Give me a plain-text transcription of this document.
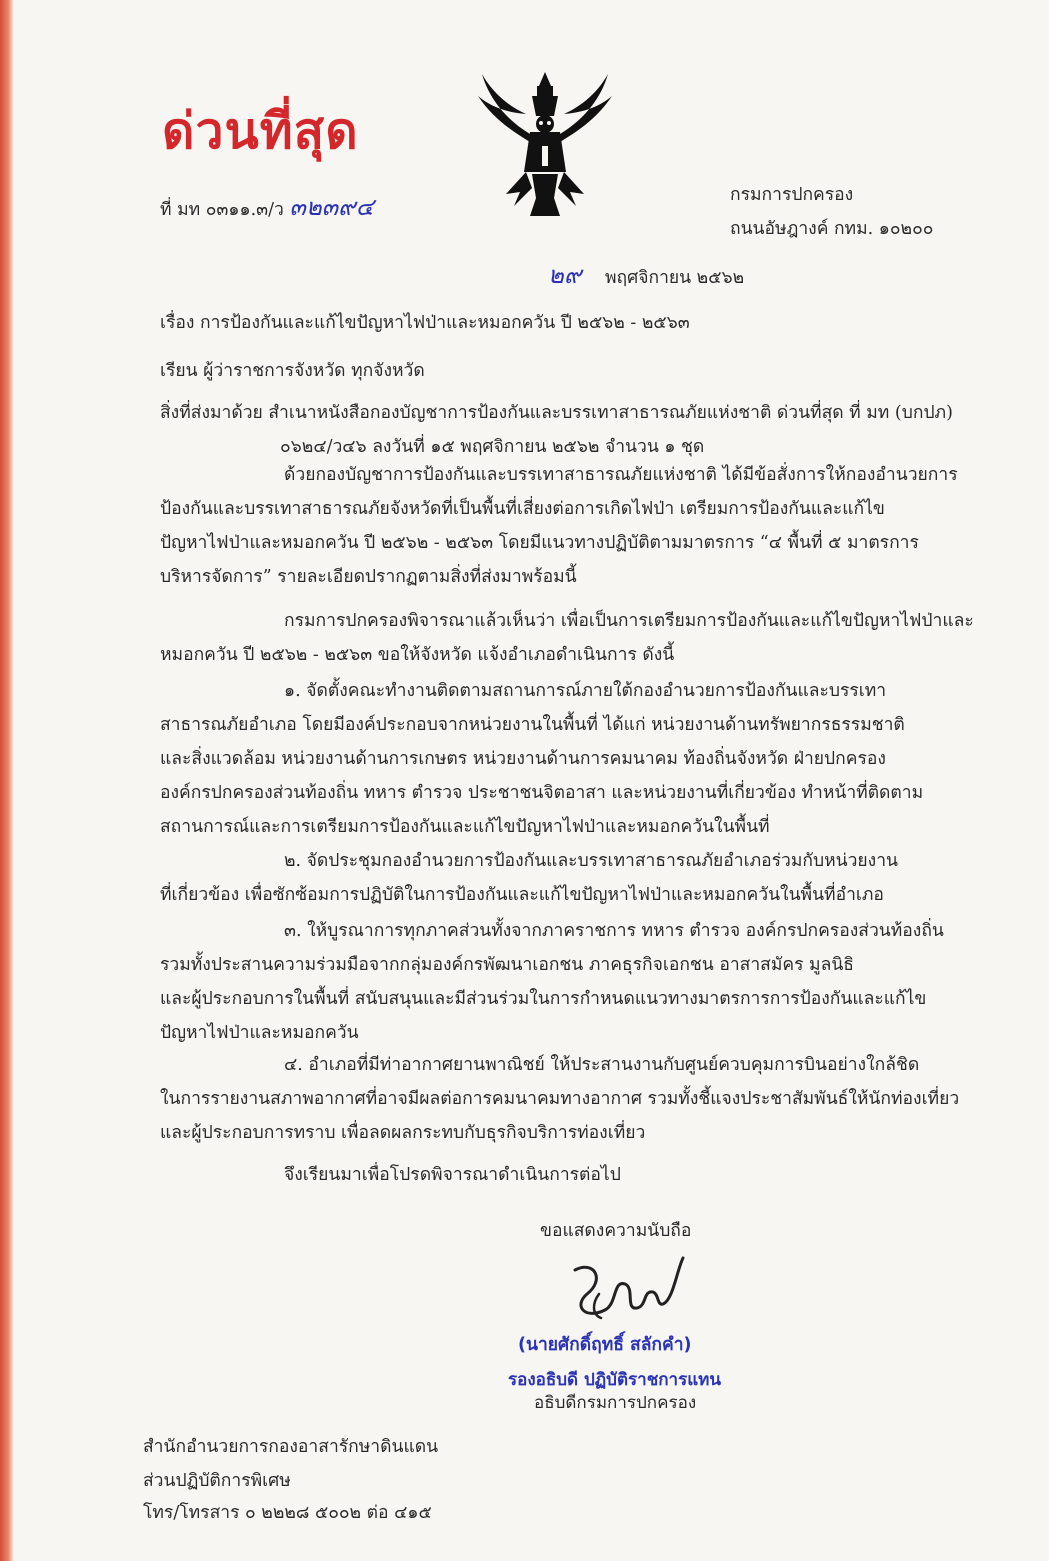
ด่วนที่สุด
ที่ มท ๐๓๑๑.๓/ว ๓๒๓๙๔	กรมการปกครอง
ถนนอัษฎางค์ กทม. ๑๐๒๐๐
๒๙ พฤศจิกายน ๒๕๖๒
เรื่อง การป้องกันและแก้ไขปัญหาไฟป่าและหมอกควัน ปี ๒๕๖๒ - ๒๕๖๓
เรียน ผู้ว่าราชการจังหวัด ทุกจังหวัด
สิ่งที่ส่งมาด้วย สำเนาหนังสือกองบัญชาการป้องกันและบรรเทาสาธารณภัยแห่งชาติ ด่วนที่สุด ที่ มท (บกปภ)
๐๖๒๔/ว๔๖ ลงวันที่ ๑๕ พฤศจิกายน ๒๕๖๒ จำนวน ๑ ชุด
ด้วยกองบัญชาการป้องกันและบรรเทาสาธารณภัยแห่งชาติ ได้มีข้อสั่งการให้กองอำนวยการ
ป้องกันและบรรเทาสาธารณภัยจังหวัดที่เป็นพื้นที่เสี่ยงต่อการเกิดไฟป่า เตรียมการป้องกันและแก้ไข
ปัญหาไฟป่าและหมอกควัน ปี ๒๕๖๒ - ๒๕๖๓ โดยมีแนวทางปฏิบัติตามมาตรการ “๔ พื้นที่ ๕ มาตรการ
บริหารจัดการ” รายละเอียดปรากฏตามสิ่งที่ส่งมาพร้อมนี้
กรมการปกครองพิจารณาแล้วเห็นว่า เพื่อเป็นการเตรียมการป้องกันและแก้ไขปัญหาไฟป่าและ
หมอกควัน ปี ๒๕๖๒ - ๒๕๖๓ ขอให้จังหวัด แจ้งอำเภอดำเนินการ ดังนี้
๑. จัดตั้งคณะทำงานติดตามสถานการณ์ภายใต้กองอำนวยการป้องกันและบรรเทา
สาธารณภัยอำเภอ โดยมีองค์ประกอบจากหน่วยงานในพื้นที่ ได้แก่ หน่วยงานด้านทรัพยากรธรรมชาติ
และสิ่งแวดล้อม หน่วยงานด้านการเกษตร หน่วยงานด้านการคมนาคม ท้องถิ่นจังหวัด ฝ่ายปกครอง
องค์กรปกครองส่วนท้องถิ่น ทหาร ตำรวจ ประชาชนจิตอาสา และหน่วยงานที่เกี่ยวข้อง ทำหน้าที่ติดตาม
สถานการณ์และการเตรียมการป้องกันและแก้ไขปัญหาไฟป่าและหมอกควันในพื้นที่
๒. จัดประชุมกองอำนวยการป้องกันและบรรเทาสาธารณภัยอำเภอร่วมกับหน่วยงาน
ที่เกี่ยวข้อง เพื่อซักซ้อมการปฏิบัติในการป้องกันและแก้ไขปัญหาไฟป่าและหมอกควันในพื้นที่อำเภอ
๓. ให้บูรณาการทุกภาคส่วนทั้งจากภาคราชการ ทหาร ตำรวจ องค์กรปกครองส่วนท้องถิ่น
รวมทั้งประสานความร่วมมือจากกลุ่มองค์กรพัฒนาเอกชน ภาคธุรกิจเอกชน อาสาสมัคร มูลนิธิ
และผู้ประกอบการในพื้นที่ สนับสนุนและมีส่วนร่วมในการกำหนดแนวทางมาตรการการป้องกันและแก้ไข
ปัญหาไฟป่าและหมอกควัน
๔. อำเภอที่มีท่าอากาศยานพาณิชย์ ให้ประสานงานกับศูนย์ควบคุมการบินอย่างใกล้ชิด
ในการรายงานสภาพอากาศที่อาจมีผลต่อการคมนาคมทางอากาศ รวมทั้งชี้แจงประชาสัมพันธ์ให้นักท่องเที่ยว
และผู้ประกอบการทราบ เพื่อลดผลกระทบกับธุรกิจบริการท่องเที่ยว
จึงเรียนมาเพื่อโปรดพิจารณาดำเนินการต่อไป
ขอแสดงความนับถือ
(นายศักดิ์ฤทธิ์ สลักคำ)
รองอธิบดี ปฏิบัติราชการแทน
อธิบดีกรมการปกครอง
สำนักอำนวยการกองอาสารักษาดินแดน
ส่วนปฏิบัติการพิเศษ
โทร/โทรสาร ๐ ๒๒๒๘ ๕๐๐๒ ต่อ ๔๑๕
